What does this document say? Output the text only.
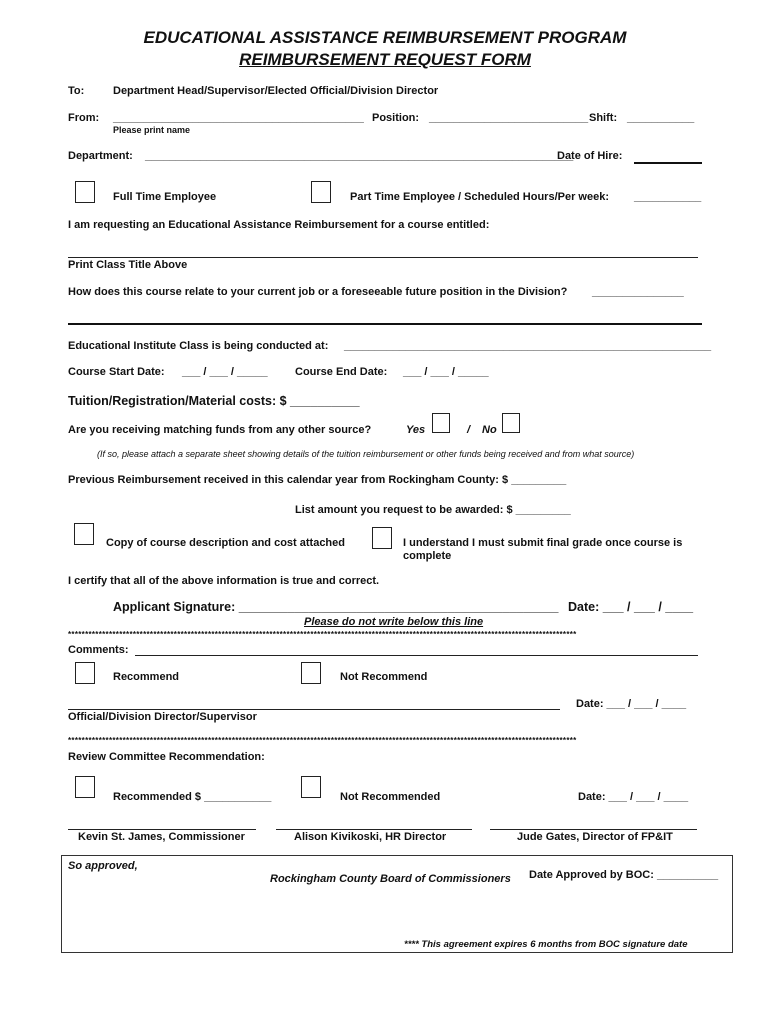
EDUCATIONAL ASSISTANCE REIMBURSEMENT PROGRAM
REIMBURSEMENT REQUEST FORM
To:	Department Head/Supervisor/Elected Official/Division Director
From: _________________________________________
Please print name
Position: __________________________ Shift: ___________
Department: ______________________________________________________________________
Date of Hire:
Full Time Employee	Part Time Employee / Scheduled Hours/Per week: ___________
I am requesting an Educational Assistance Reimbursement for a course entitled:
Print Class Title Above
How does this course relate to your current job or a foreseeable future position in the Division? _______________
Educational Institute Class is being conducted at: ____________________________________________________________
Course Start Date: ___ / ___ / _____ Course End Date: ___ / ___ / _____
Tuition/Registration/Material costs: $ __________
Are you receiving matching funds from any other source?	Yes	/ No
(If so, please attach a separate sheet showing details of the tuition reimbursement or other funds being received and from what source)
Previous Reimbursement received in this calendar year from Rockingham County: $ _________
List amount you request to be awarded: $ _________
Copy of course description and cost attached	I understand I must submit final grade once course is
complete
I certify that all of the above information is true and correct.
Applicant Signature: ______________________________________________ Date: ___ / ___ / ____
Please do not write below this line
*****************************************************************************************************************************************************
Comments:
Recommend	Not Recommend
Date: ___ / ___ / ____
Official/Division Director/Supervisor
*****************************************************************************************************************************************************
Review Committee Recommendation:
Recommended $ ___________	Not Recommended	Date: ___ / ___ / ____
Kevin St. James, Commissioner	Alison Kivikoski, HR Director	Jude Gates, Director of FP&IT
So approved,
Rockingham County Board of Commissioners Date Approved by BOC: __________
**** This agreement expires 6 months from BOC signature date
